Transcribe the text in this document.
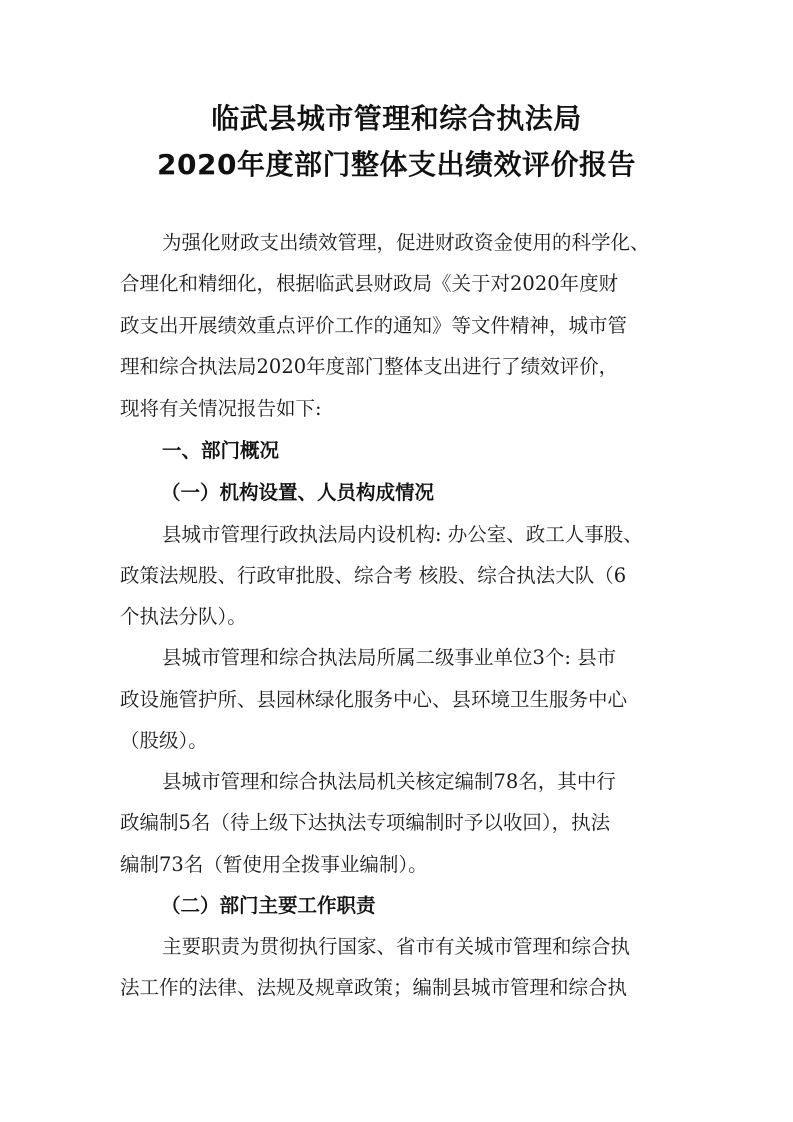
临武县城市管理和综合执法局
2020年度部门整体支出绩效评价报告
为强化财政支出绩效管理，促进财政资金使用的科学化、
合理化和精细化，根据临武县财政局《关于对2020年度财
政支出开展绩效重点评价工作的通知》等文件精神，城市管
理和综合执法局2020年度部门整体支出进行了绩效评价，
现将有关情况报告如下:
一、部门概况
（一）机构设置、人员构成情况
县城市管理行政执法局内设机构: 办公室、政工人事股、
政策法规股、行政审批股、综合考 核股、综合执法大队（6
个执法分队）。
县城市管理和综合执法局所属二级事业单位3个: 县市
政设施管护所、县园林绿化服务中心、县环境卫生服务中心
（股级）。
县城市管理和综合执法局机关核定编制78名，其中行
政编制5名（待上级下达执法专项编制时予以收回），执法
编制73名（暂使用全拨事业编制）。
（二）部门主要工作职责
主要职责为贯彻执行国家、省市有关城市管理和综合执
法工作的法律、法规及规章政策；编制县城市管理和综合执
